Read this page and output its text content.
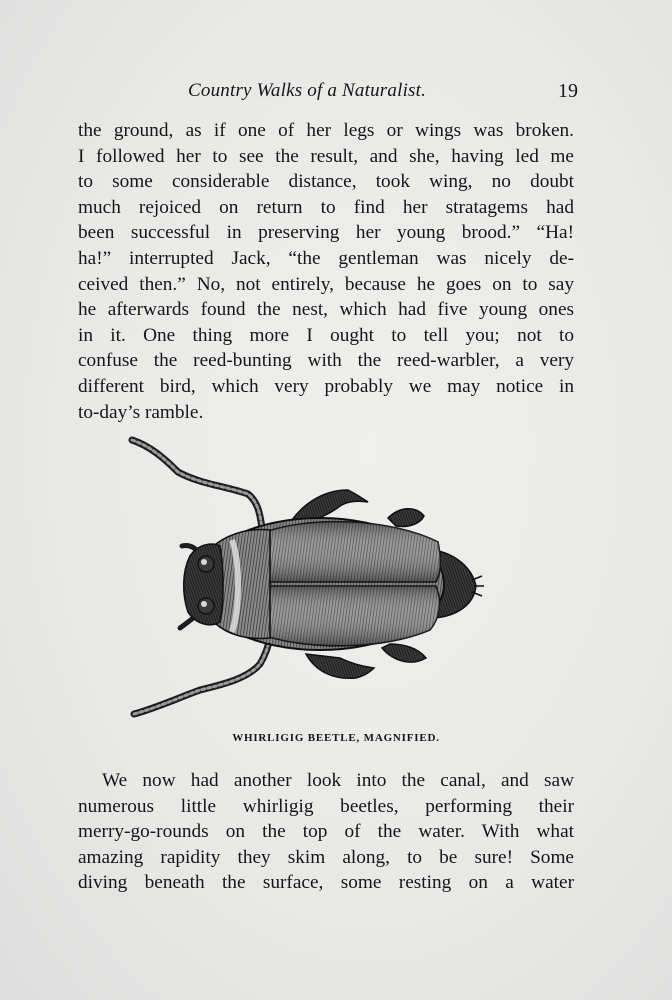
Country Walks of a Naturalist.	19
the ground, as if one of her legs or wings was broken.
I followed her to see the result, and she, having led me
to some considerable distance, took wing, no doubt
much rejoiced on return to find her stratagems had
been successful in preserving her young brood.” “Ha!
ha!” interrupted Jack, “the gentleman was nicely de-
ceived then.” No, not entirely, because he goes on to say
he afterwards found the nest, which had five young ones
in it. One thing more I ought to tell you; not to
confuse the reed-bunting with the reed-warbler, a very
different bird, which very probably we may notice in
to-day’s ramble.
WHIRLIGIG BEETLE, MAGNIFIED.
We now had another look into the canal, and saw
numerous little whirligig beetles, performing their
merry-go-rounds on the top of the water. With what
amazing rapidity they skim along, to be sure! Some
diving beneath the surface, some resting on a water
